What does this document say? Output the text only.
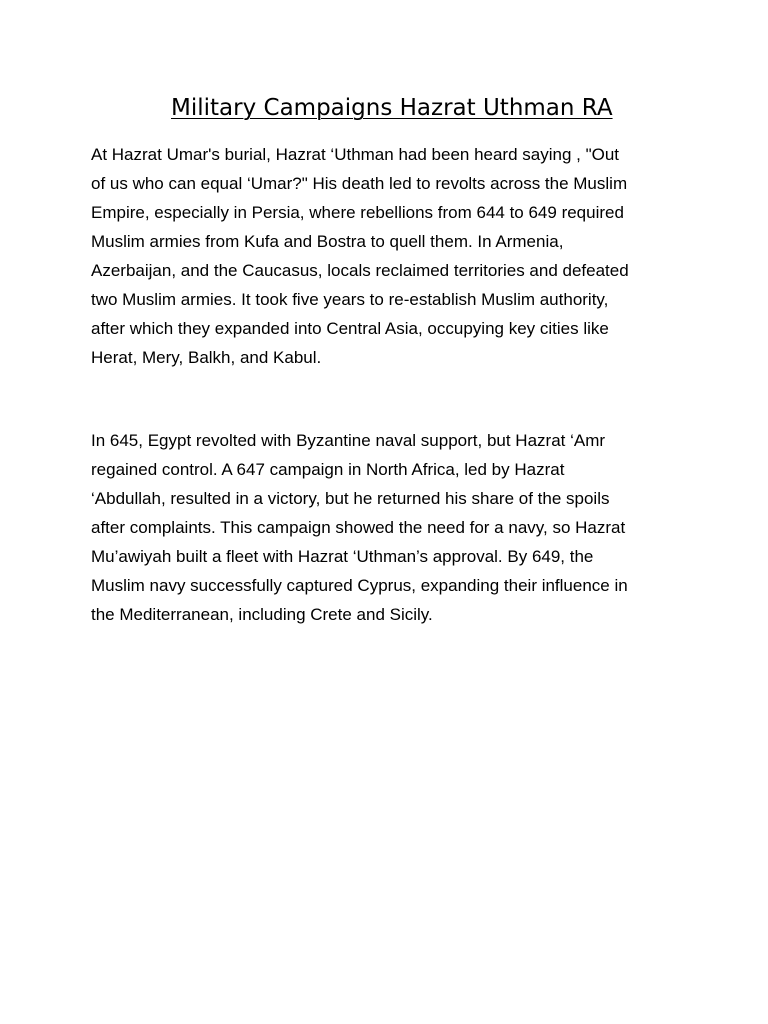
Military Campaigns Hazrat Uthman RA

At Hazrat Umar's burial, Hazrat ‘Uthman had been heard saying , "Out
of us who can equal ‘Umar?" His death led to revolts across the Muslim
Empire, especially in Persia, where rebellions from 644 to 649 required
Muslim armies from Kufa and Bostra to quell them. In Armenia,
Azerbaijan, and the Caucasus, locals reclaimed territories and defeated
two Muslim armies. It took five years to re-establish Muslim authority,
after which they expanded into Central Asia, occupying key cities like
Herat, Mery, Balkh, and Kabul.

In 645, Egypt revolted with Byzantine naval support, but Hazrat ‘Amr
regained control. A 647 campaign in North Africa, led by Hazrat
‘Abdullah, resulted in a victory, but he returned his share of the spoils
after complaints. This campaign showed the need for a navy, so Hazrat
Mu’awiyah built a fleet with Hazrat ‘Uthman’s approval. By 649, the
Muslim navy successfully captured Cyprus, expanding their influence in
the Mediterranean, including Crete and Sicily.
